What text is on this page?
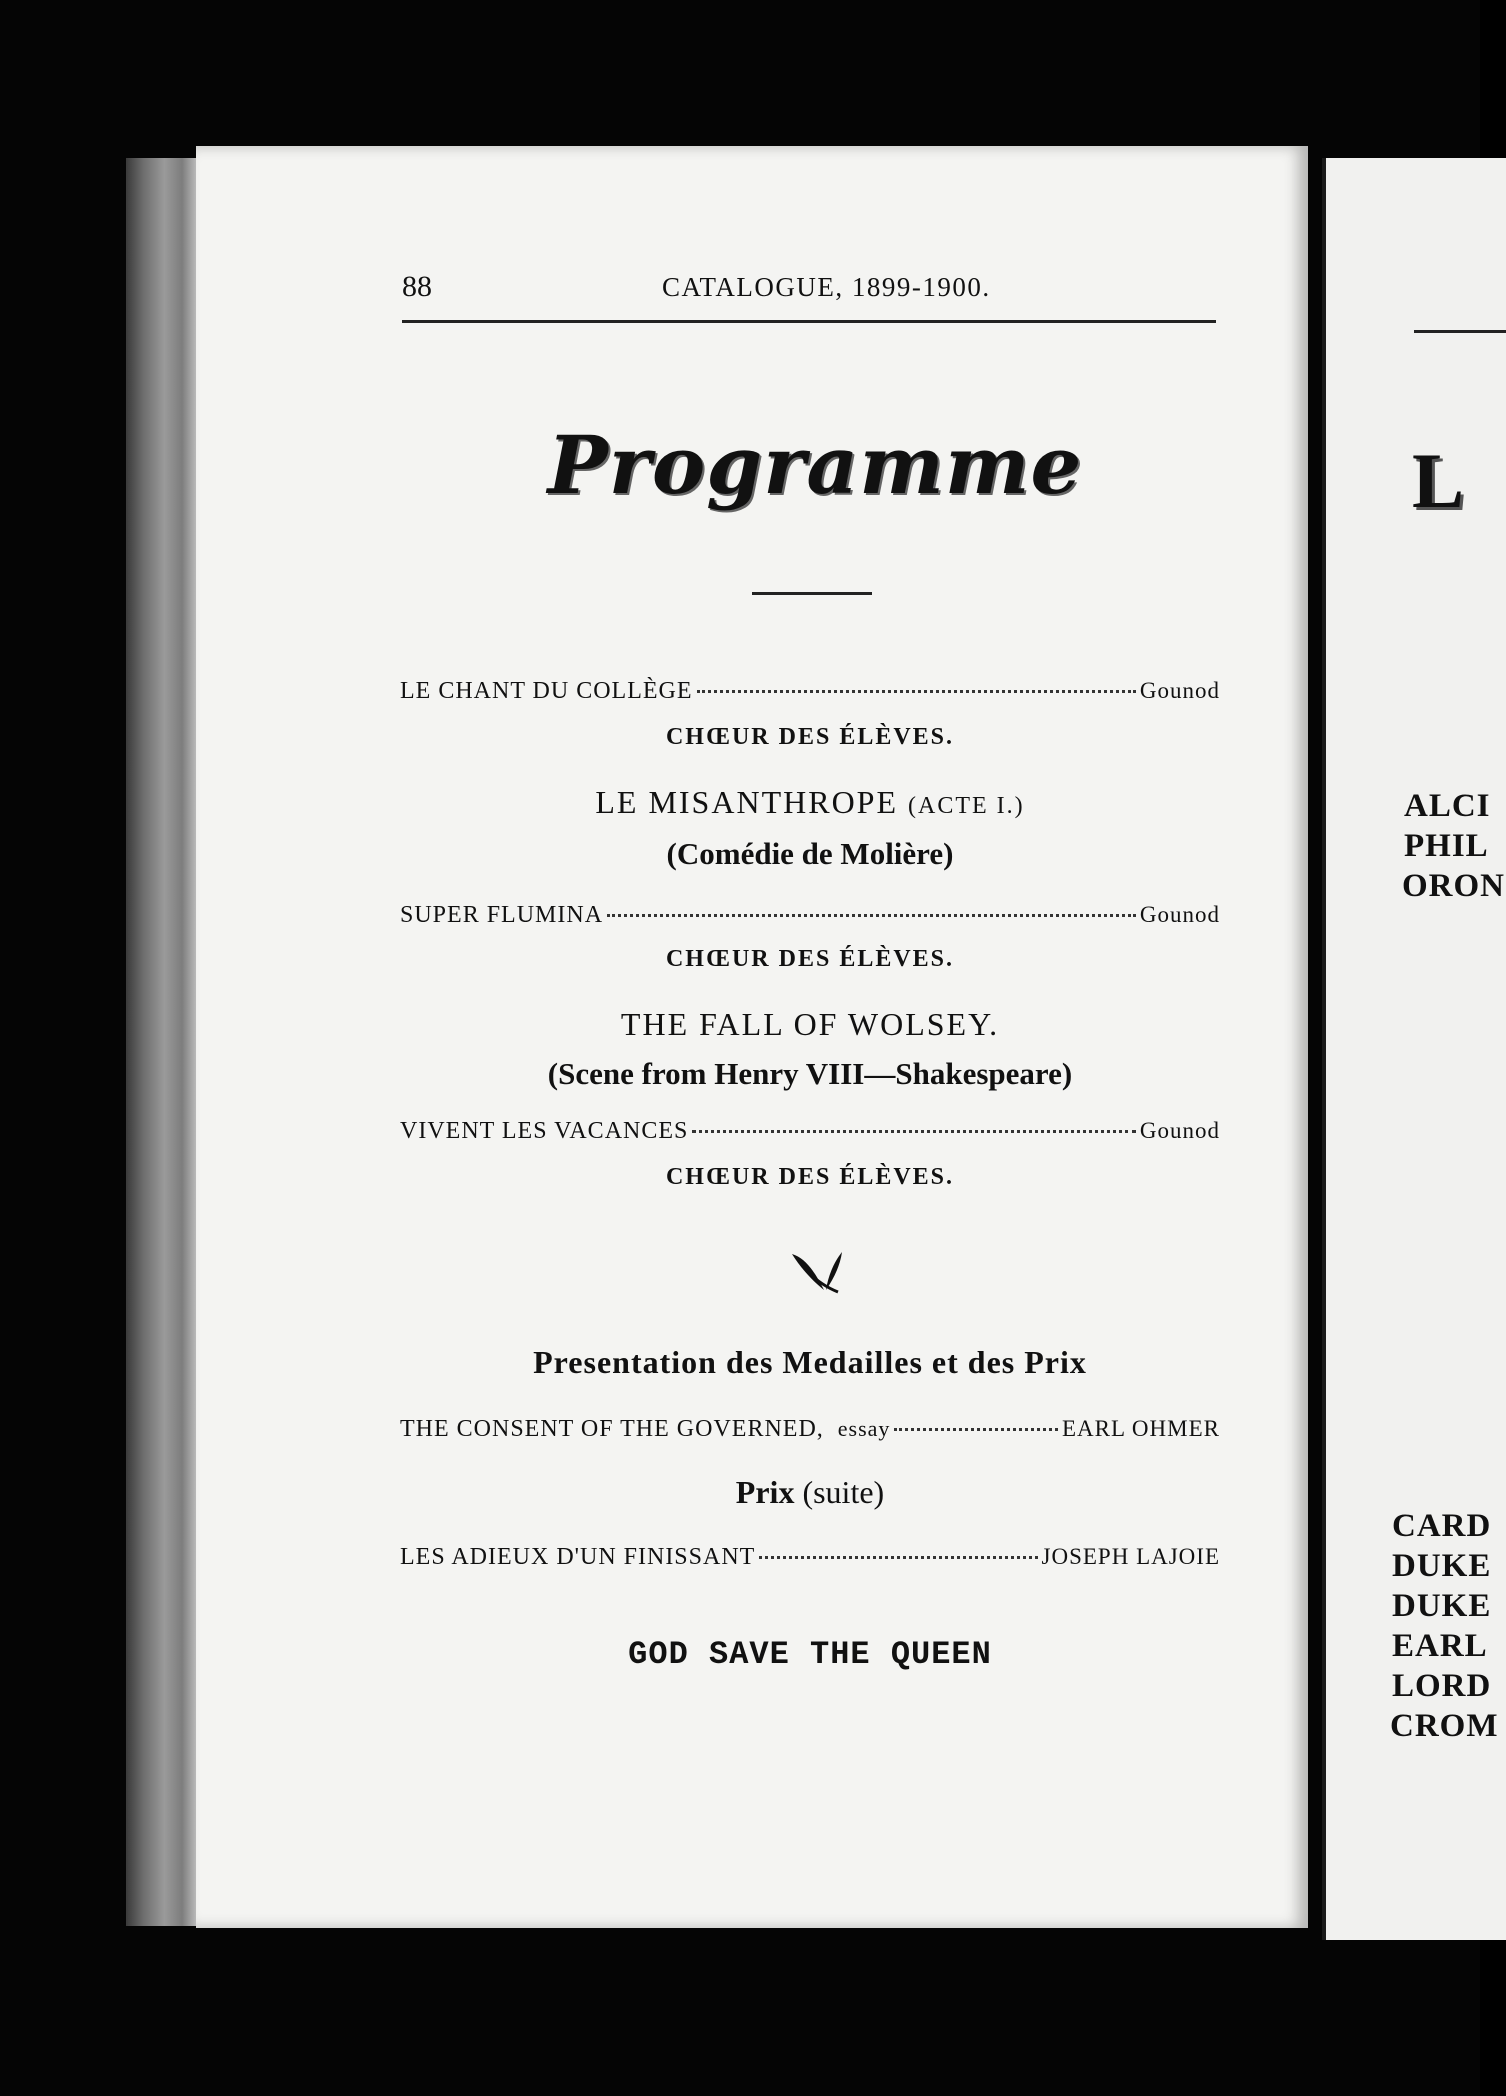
L
ALCI
PHIL
ORON
CARD
DUKE
DUKE
EARL
LORD
CROM
88	CATALOGUE, 1899-1900.
Programme
LE CHANT DU COLLÈGE	Gounod
CHŒUR DES ÉLÈVES.
LE MISANTHROPE (ACTE I.)
(Comédie de Molière)
SUPER FLUMINA	Gounod
CHŒUR DES ÉLÈVES.
THE FALL OF WOLSEY.
(Scene from Henry VIII—Shakespeare)
VIVENT LES VACANCES	Gounod
CHŒUR DES ÉLÈVES.
Presentation des Medailles et des Prix
THE CONSENT OF THE GOVERNED, essay	EARL OHMER
Prix (suite)
LES ADIEUX D'UN FINISSANT	JOSEPH LAJOIE
GOD SAVE THE QUEEN
